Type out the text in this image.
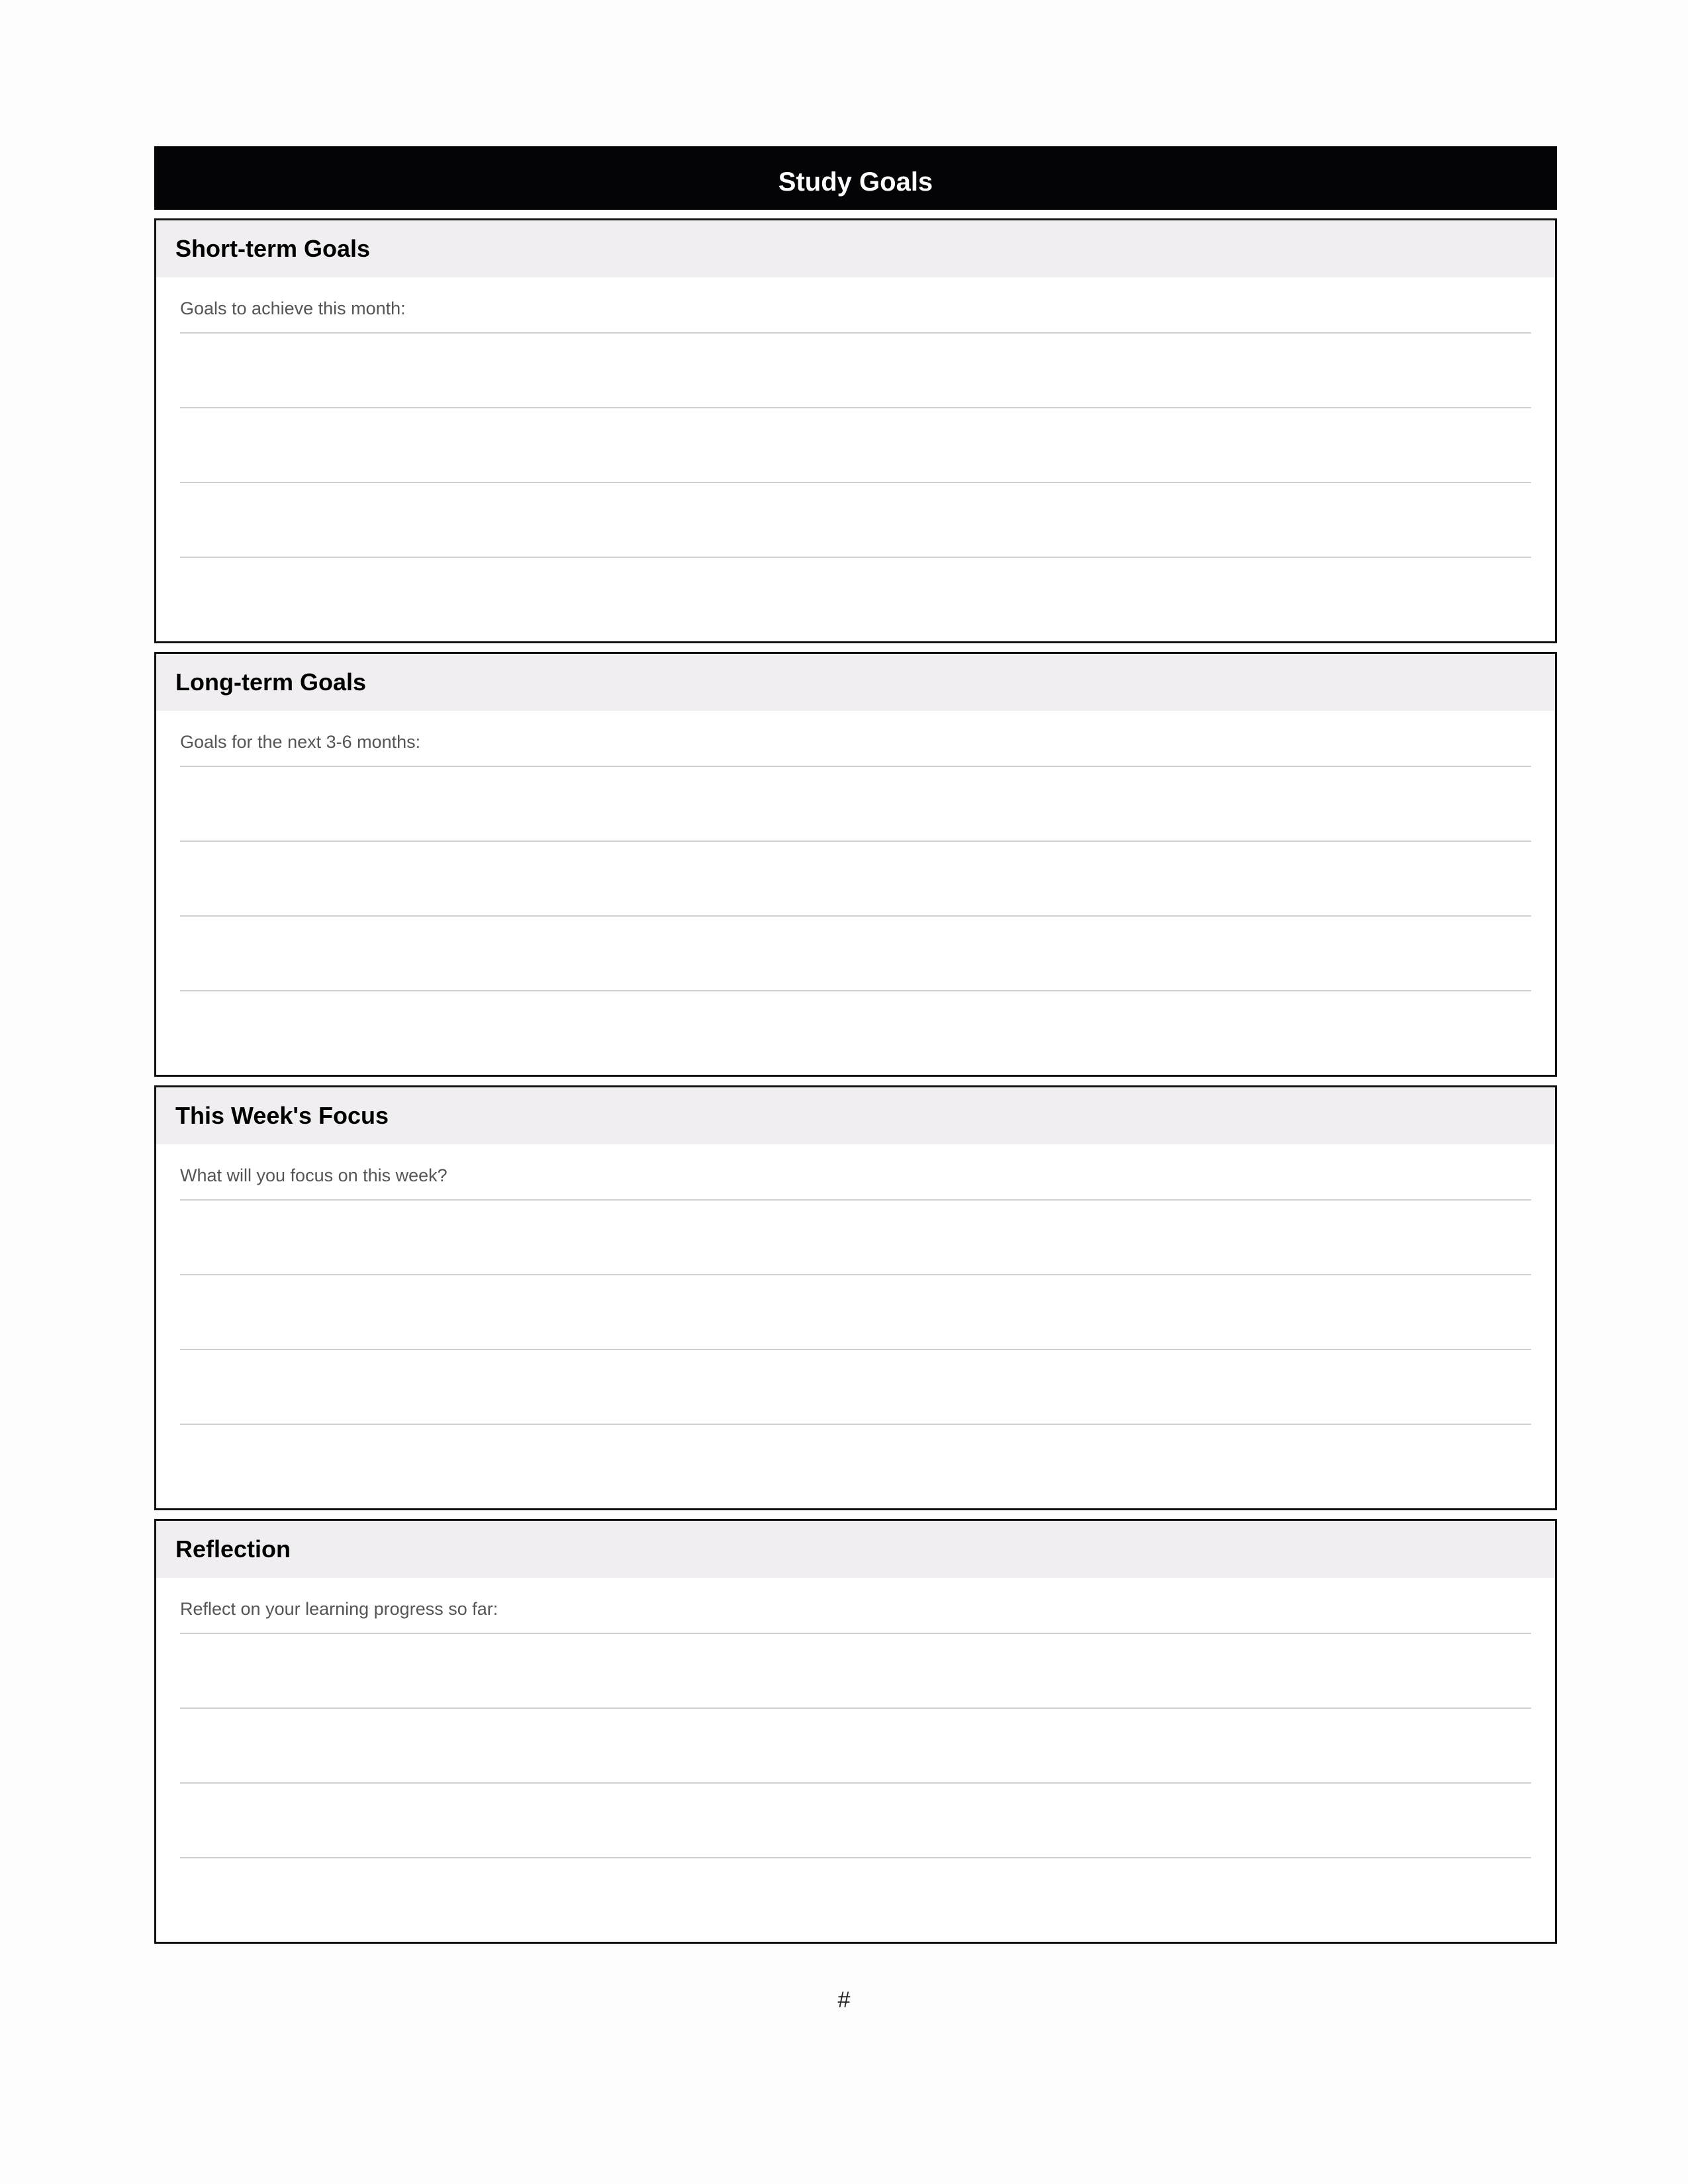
Study Goals
Short-term Goals
Goals to achieve this month:
Long-term Goals
Goals for the next 3-6 months:
This Week's Focus
What will you focus on this week?
Reflection
Reflect on your learning progress so far:
#
